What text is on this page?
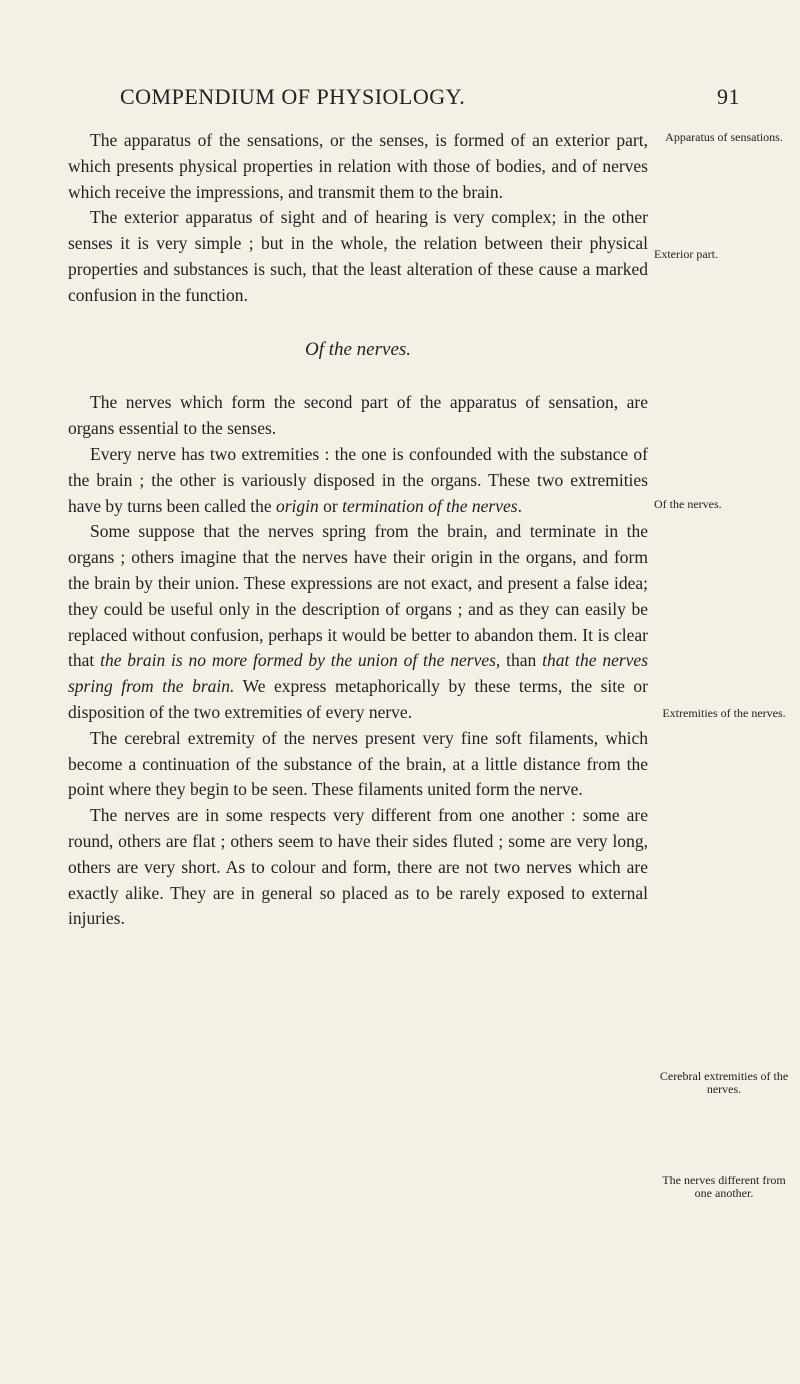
COMPENDIUM OF PHYSIOLOGY.	91

The apparatus of the sensations, or the senses, is formed of an exterior part, which presents physical properties in relation with those of bodies, and of nerves which receive the impressions, and transmit them to the brain.

The exterior apparatus of sight and of hearing is very complex; in the other senses it is very simple ; but in the whole, the relation between their physical properties and substances is such, that the least alteration of these cause a marked confusion in the function.

Of the nerves.

The nerves which form the second part of the apparatus of sensation, are organs essential to the senses.

Every nerve has two extremities : the one is confounded with the substance of the brain ; the other is variously disposed in the organs. These two extremities have by turns been called the origin or termination of the nerves.

Some suppose that the nerves spring from the brain, and terminate in the organs ; others imagine that the nerves have their origin in the organs, and form the brain by their union. These expressions are not exact, and present a false idea; they could be useful only in the description of organs ; and as they can easily be replaced without confusion, perhaps it would be better to abandon them. It is clear that the brain is no more formed by the union of the nerves, than that the nerves spring from the brain. We express metaphorically by these terms, the site or disposition of the two extremities of every nerve.

The cerebral extremity of the nerves present very fine soft filaments, which become a continuation of the substance of the brain, at a little distance from the point where they begin to be seen. These filaments united form the nerve.

The nerves are in some respects very different from one another : some are round, others are flat ; others seem to have their sides fluted ; some are very long, others are very short. As to colour and form, there are not two nerves which are exactly alike. They are in general so placed as to be rarely exposed to external injuries.

Apparatus of sensations.
Exterior part.
Of the nerves.
Extremities of the nerves.
Cerebral extremities of the nerves.
The nerves different from one another.
